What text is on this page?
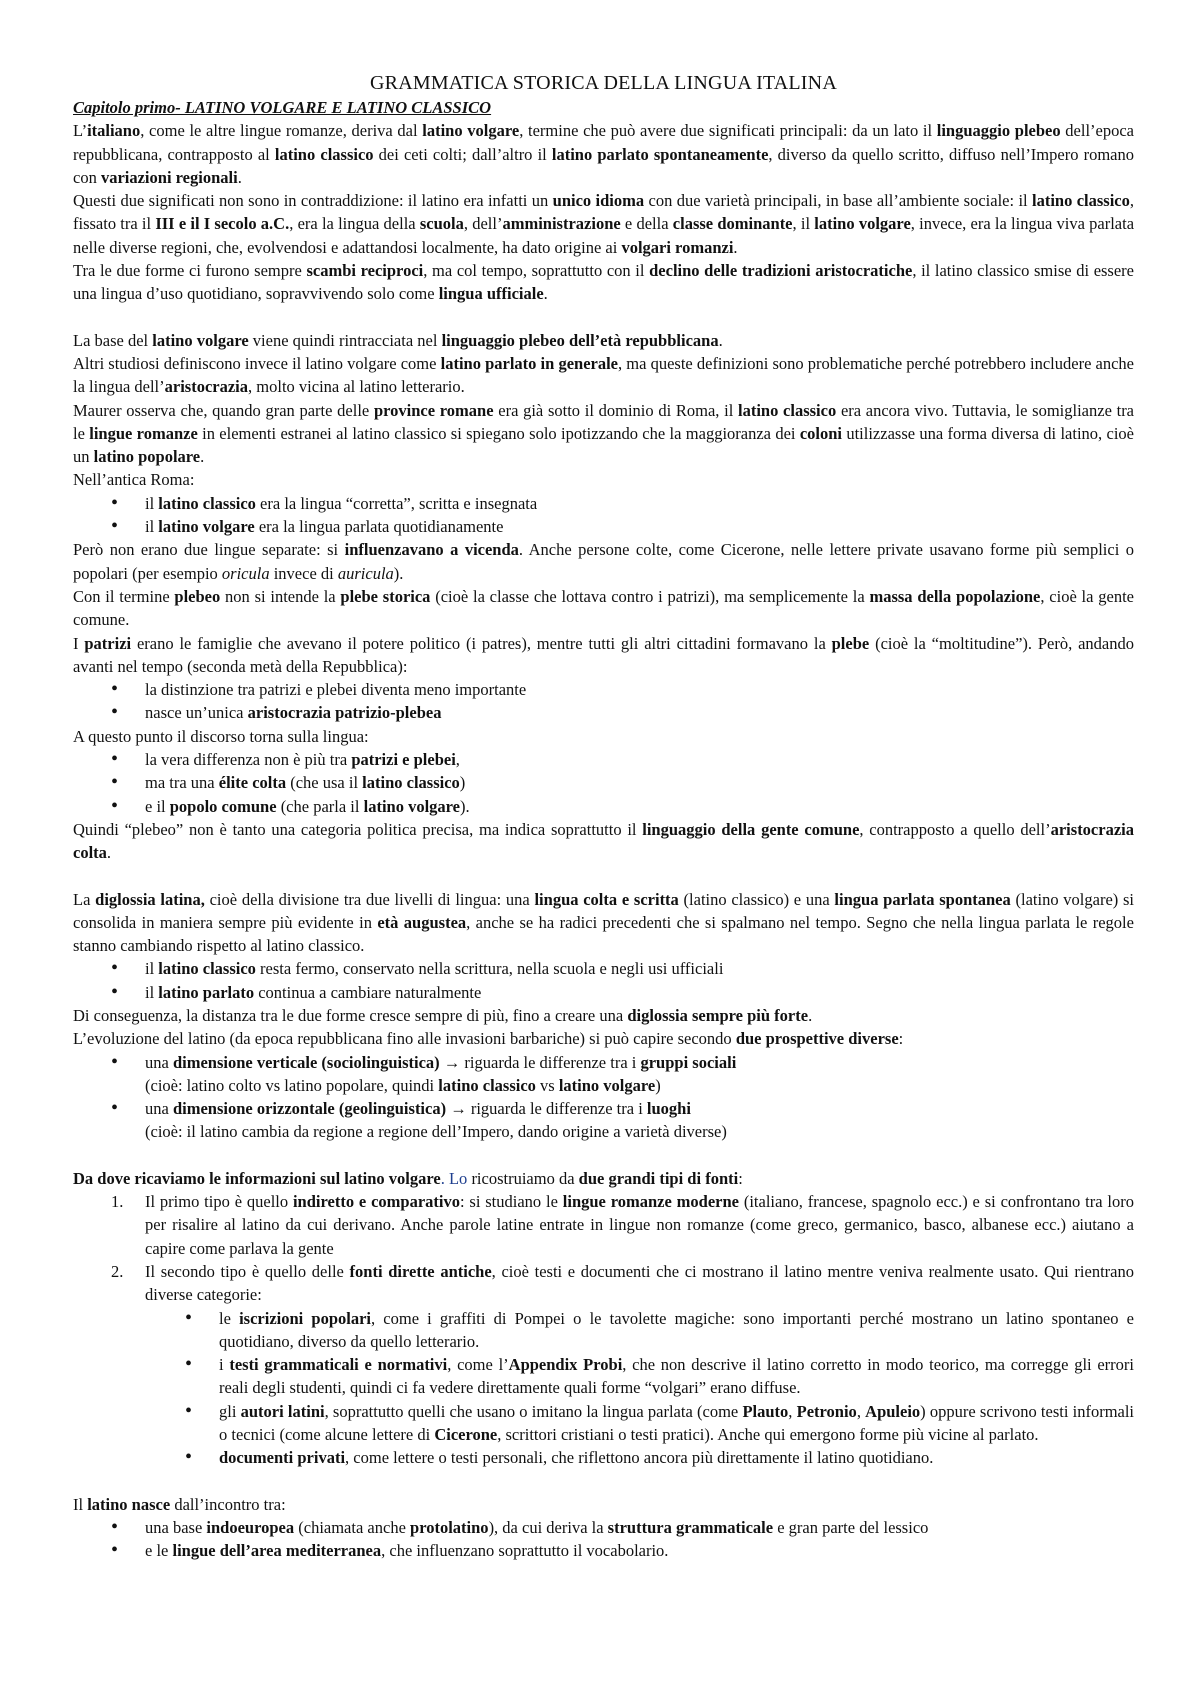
GRAMMATICA STORICA DELLA LINGUA ITALINA

Capitolo primo- LATINO VOLGARE E LATINO CLASSICO

L’italiano, come le altre lingue romanze, deriva dal latino volgare, termine che può avere due significati principali: da un lato il linguaggio plebeo dell’epoca repubblicana, contrapposto al latino classico dei ceti colti; dall’altro il latino parlato spontaneamente, diverso da quello scritto, diffuso nell’Impero romano con variazioni regionali.

Questi due significati non sono in contraddizione: il latino era infatti un unico idioma con due varietà principali, in base all’ambiente sociale: il latino classico, fissato tra il III e il I secolo a.C., era la lingua della scuola, dell’amministrazione e della classe dominante, il latino volgare, invece, era la lingua viva parlata nelle diverse regioni, che, evolvendosi e adattandosi localmente, ha dato origine ai volgari romanzi.

Tra le due forme ci furono sempre scambi reciproci, ma col tempo, soprattutto con il declino delle tradizioni aristocratiche, il latino classico smise di essere una lingua d’uso quotidiano, sopravvivendo solo come lingua ufficiale.

La base del latino volgare viene quindi rintracciata nel linguaggio plebeo dell’età repubblicana.

Altri studiosi definiscono invece il latino volgare come latino parlato in generale, ma queste definizioni sono problematiche perché potrebbero includere anche la lingua dell’aristocrazia, molto vicina al latino letterario.

Maurer osserva che, quando gran parte delle province romane era già sotto il dominio di Roma, il latino classico era ancora vivo. Tuttavia, le somiglianze tra le lingue romanze in elementi estranei al latino classico si spiegano solo ipotizzando che la maggioranza dei coloni utilizzasse una forma diversa di latino, cioè un latino popolare.

Nell’antica Roma:

• il latino classico era la lingua “corretta”, scritta e insegnata
• il latino volgare era la lingua parlata quotidianamente

Però non erano due lingue separate: si influenzavano a vicenda. Anche persone colte, come Cicerone, nelle lettere private usavano forme più semplici o popolari (per esempio oricula invece di auricula).

Con il termine plebeo non si intende la plebe storica (cioè la classe che lottava contro i patrizi), ma semplicemente la massa della popolazione, cioè la gente comune.

I patrizi erano le famiglie che avevano il potere politico (i patres), mentre tutti gli altri cittadini formavano la plebe (cioè la “moltitudine”). Però, andando avanti nel tempo (seconda metà della Repubblica):

• la distinzione tra patrizi e plebei diventa meno importante
• nasce un’unica aristocrazia patrizio-plebea

A questo punto il discorso torna sulla lingua:

• la vera differenza non è più tra patrizi e plebei,
• ma tra una élite colta (che usa il latino classico)
• e il popolo comune (che parla il latino volgare).

Quindi “plebeo” non è tanto una categoria politica precisa, ma indica soprattutto il linguaggio della gente comune, contrapposto a quello dell’aristocrazia colta.

La diglossia latina, cioè della divisione tra due livelli di lingua: una lingua colta e scritta (latino classico) e una lingua parlata spontanea (latino volgare) si consolida in maniera sempre più evidente in età augustea, anche se ha radici precedenti che si spalmano nel tempo. Segno che nella lingua parlata le regole stanno cambiando rispetto al latino classico.

• il latino classico resta fermo, conservato nella scrittura, nella scuola e negli usi ufficiali
• il latino parlato continua a cambiare naturalmente

Di conseguenza, la distanza tra le due forme cresce sempre di più, fino a creare una diglossia sempre più forte.

L’evoluzione del latino (da epoca repubblicana fino alle invasioni barbariche) si può capire secondo due prospettive diverse:

• una dimensione verticale (sociolinguistica) → riguarda le differenze tra i gruppi sociali
(cioè: latino colto vs latino popolare, quindi latino classico vs latino volgare)
• una dimensione orizzontale (geolinguistica) → riguarda le differenze tra i luoghi
(cioè: il latino cambia da regione a regione dell’Impero, dando origine a varietà diverse)

Da dove ricaviamo le informazioni sul latino volgare. Lo ricostruiamo da due grandi tipi di fonti:

1. Il primo tipo è quello indiretto e comparativo: si studiano le lingue romanze moderne (italiano, francese, spagnolo ecc.) e si confrontano tra loro per risalire al latino da cui derivano. Anche parole latine entrate in lingue non romanze (come greco, germanico, basco, albanese ecc.) aiutano a capire come parlava la gente
2. Il secondo tipo è quello delle fonti dirette antiche, cioè testi e documenti che ci mostrano il latino mentre veniva realmente usato. Qui rientrano diverse categorie:
• le iscrizioni popolari, come i graffiti di Pompei o le tavolette magiche: sono importanti perché mostrano un latino spontaneo e quotidiano, diverso da quello letterario.
• i testi grammaticali e normativi, come l’Appendix Probi, che non descrive il latino corretto in modo teorico, ma corregge gli errori reali degli studenti, quindi ci fa vedere direttamente quali forme “volgari” erano diffuse.
• gli autori latini, soprattutto quelli che usano o imitano la lingua parlata (come Plauto, Petronio, Apuleio) oppure scrivono testi informali o tecnici (come alcune lettere di Cicerone, scrittori cristiani o testi pratici). Anche qui emergono forme più vicine al parlato.
• documenti privati, come lettere o testi personali, che riflettono ancora più direttamente il latino quotidiano.

Il latino nasce dall’incontro tra:

• una base indoeuropea (chiamata anche protolatino), da cui deriva la struttura grammaticale e gran parte del lessico
• e le lingue dell’area mediterranea, che influenzano soprattutto il vocabolario.
